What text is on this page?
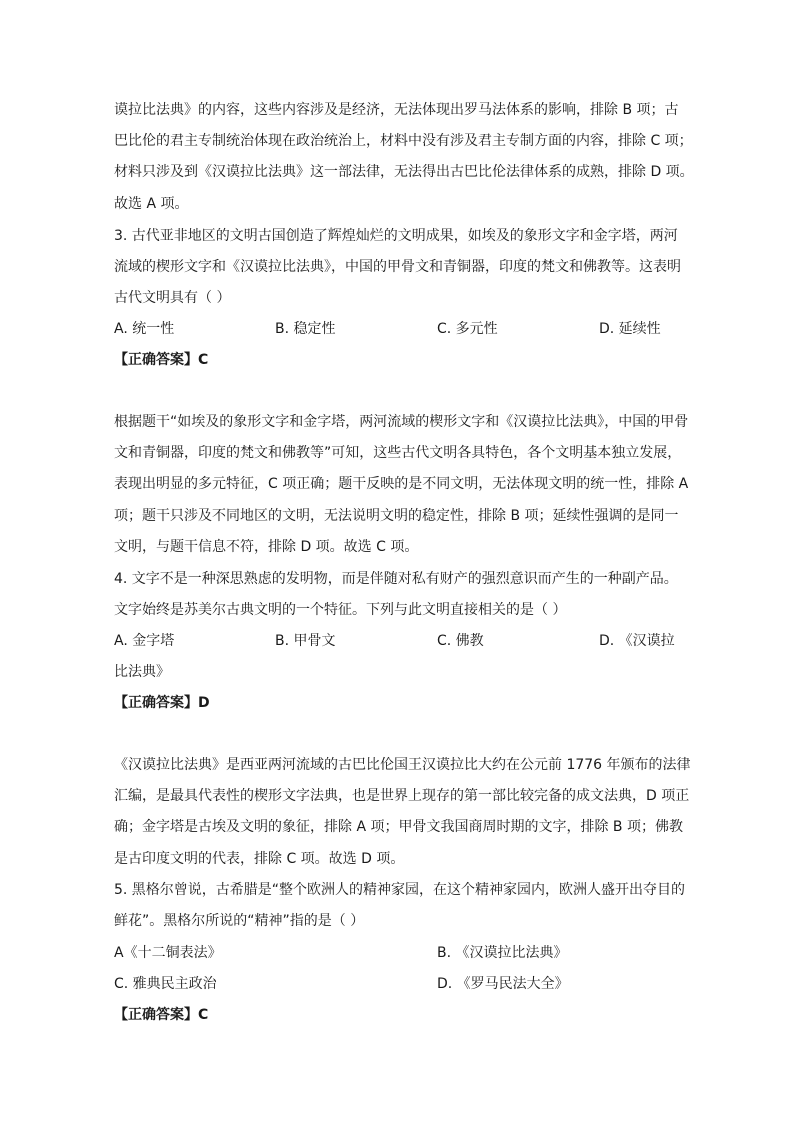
谟拉比法典》的内容，这些内容涉及是经济，无法体现出罗马法体系的影响，排除 B 项；古
巴比伦的君主专制统治体现在政治统治上，材料中没有涉及君主专制方面的内容，排除 C 项；
材料只涉及到《汉谟拉比法典》这一部法律，无法得出古巴比伦法律体系的成熟，排除 D 项。
故选 A 项。
3. 古代亚非地区的文明古国创造了辉煌灿烂的文明成果，如埃及的象形文字和金字塔，两河
流域的楔形文字和《汉谟拉比法典》，中国的甲骨文和青铜器，印度的梵文和佛教等。这表明
古代文明具有（ ）
A. 统一性	B. 稳定性	C. 多元性	D. 延续性
【正确答案】C
根据题干“如埃及的象形文字和金字塔，两河流域的楔形文字和《汉谟拉比法典》，中国的甲骨
文和青铜器，印度的梵文和佛教等”可知，这些古代文明各具特色，各个文明基本独立发展，
表现出明显的多元特征，C 项正确；题干反映的是不同文明，无法体现文明的统一性，排除 A
项；题干只涉及不同地区的文明，无法说明文明的稳定性，排除 B 项；延续性强调的是同一
文明，与题干信息不符，排除 D 项。故选 C 项。
4. 文字不是一种深思熟虑的发明物，而是伴随对私有财产的强烈意识而产生的一种副产品。
文字始终是苏美尔古典文明的一个特征。下列与此文明直接相关的是（ ）
A. 金字塔	B. 甲骨文	C. 佛教	D. 《汉谟拉
比法典》
【正确答案】D
《汉谟拉比法典》是西亚两河流域的古巴比伦国王汉谟拉比大约在公元前 1776 年颁布的法律
汇编，是最具代表性的楔形文字法典，也是世界上现存的第一部比较完备的成文法典，D 项正
确；金字塔是古埃及文明的象征，排除 A 项；甲骨文我国商周时期的文字，排除 B 项；佛教
是古印度文明的代表，排除 C 项。故选 D 项。
5. 黑格尔曾说，古希腊是“整个欧洲人的精神家园，在这个精神家园内，欧洲人盛开出夺目的
鲜花”。黑格尔所说的“精神”指的是（ ）
A《十二铜表法》	B. 《汉谟拉比法典》
C. 雅典民主政治	D. 《罗马民法大全》
【正确答案】C
